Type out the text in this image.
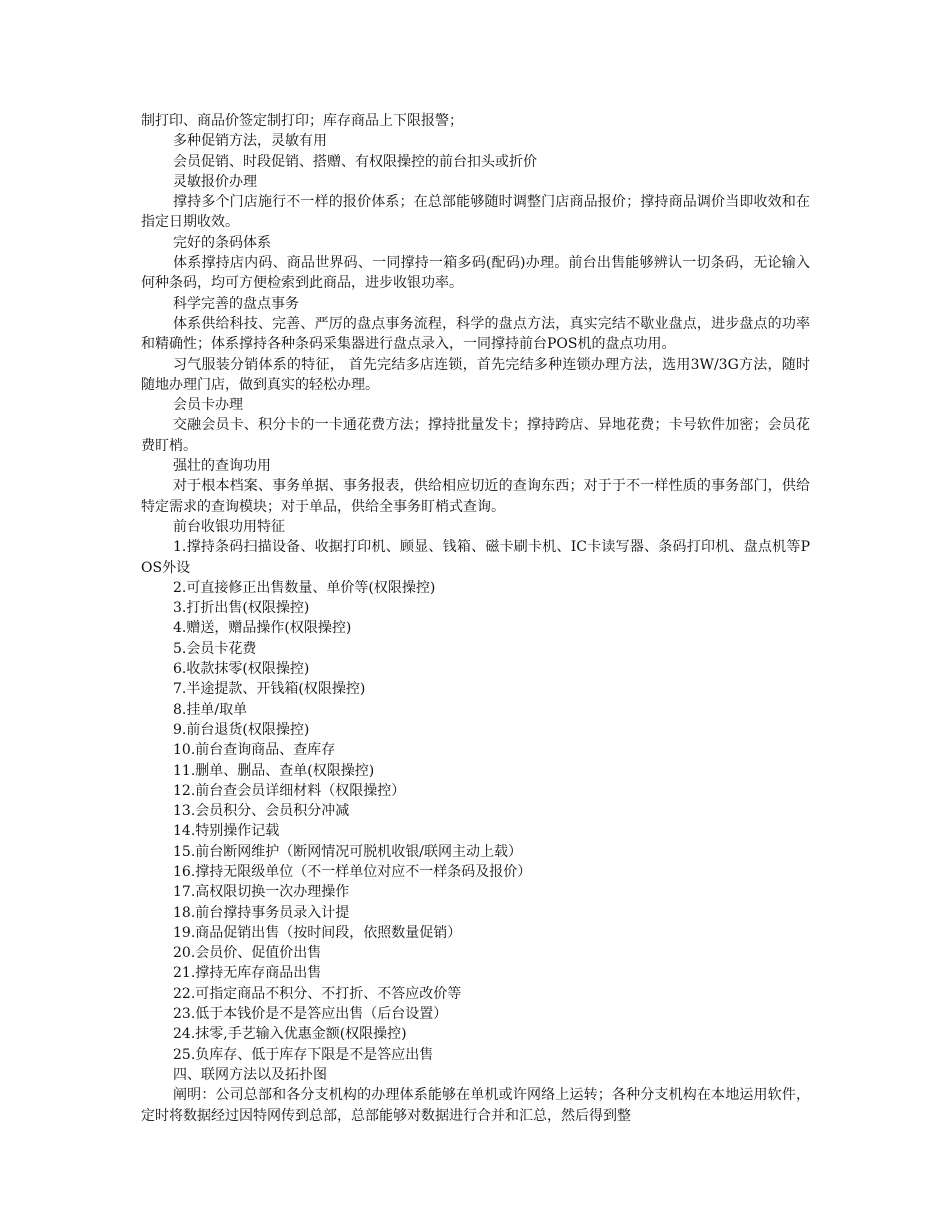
制打印、商品价签定制打印；库存商品上下限报警；

多种促销方法，灵敏有用

会员促销、时段促销、搭赠、有权限操控的前台扣头或折价

灵敏报价办理

撑持多个门店施行不一样的报价体系；在总部能够随时调整门店商品报价；撑持商品调价当即收效和在指定日期收效。

完好的条码体系

体系撑持店内码、商品世界码、一同撑持一箱多码(配码)办理。前台出售能够辨认一切条码，无论输入何种条码，均可方便检索到此商品，进步收银功率。

科学完善的盘点事务

体系供给科技、完善、严厉的盘点事务流程，科学的盘点方法，真实完结不歇业盘点，进步盘点的功率和精确性；体系撑持各种条码采集器进行盘点录入，一同撑持前台POS机的盘点功用。

习气服装分销体系的特征， 首先完结多店连锁，首先完结多种连锁办理方法，选用3W/3G方法，随时随地办理门店，做到真实的轻松办理。

会员卡办理

交融会员卡、积分卡的一卡通花费方法；撑持批量发卡；撑持跨店、异地花费；卡号软件加密；会员花费盯梢。

强壮的查询功用

对于根本档案、事务单据、事务报表，供给相应切近的查询东西；对于于不一样性质的事务部门，供给特定需求的查询模块；对于单品，供给全事务盯梢式查询。

前台收银功用特征

1.撑持条码扫描设备、收据打印机、顾显、钱箱、磁卡刷卡机、IC卡读写器、条码打印机、盘点机等POS外设

2.可直接修正出售数量、单价等(权限操控)

3.打折出售(权限操控)

4.赠送，赠品操作(权限操控)

5.会员卡花费

6.收款抹零(权限操控)

7.半途提款、开钱箱(权限操控)

8.挂单/取单

9.前台退货(权限操控)

10.前台查询商品、查库存

11.删单、删品、查单(权限操控)

12.前台查会员详细材料（权限操控）

13.会员积分、会员积分冲减

14.特别操作记载

15.前台断网维护（断网情况可脱机收银/联网主动上载）

16.撑持无限级单位（不一样单位对应不一样条码及报价）

17.高权限切换一次办理操作

18.前台撑持事务员录入计提

19.商品促销出售（按时间段，依照数量促销）

20.会员价、促值价出售

21.撑持无库存商品出售

22.可指定商品不积分、不打折、不答应改价等

23.低于本钱价是不是答应出售（后台设置）

24.抹零,手艺输入优惠金额(权限操控)

25.负库存、低于库存下限是不是答应出售

四、联网方法以及拓扑图

阐明：公司总部和各分支机构的办理体系能够在单机或许网络上运转；各种分支机构在本地运用软件，定时将数据经过因特网传到总部，总部能够对数据进行合并和汇总，然后得到整
